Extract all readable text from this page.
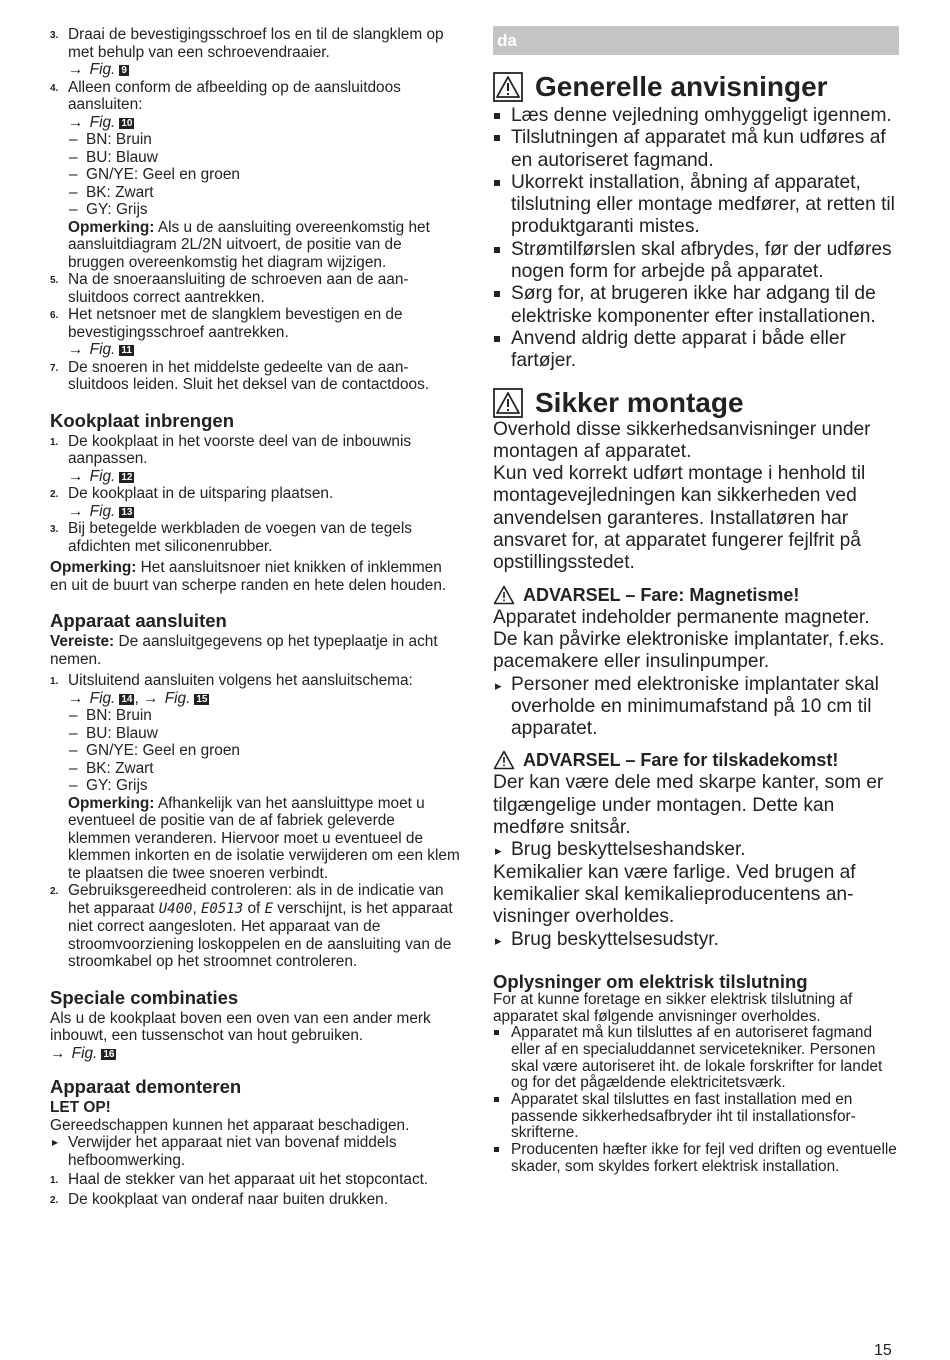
3. Draai de bevestigingsschroef los en til de slangklem op met behulp van een schroevendraaier.
→ Fig. 9
4. Alleen conform de afbeelding op de aansluitdoos aansluiten:
→ Fig. 10
– BN: Bruin
– BU: Blauw
– GN/YE: Geel en groen
– BK: Zwart
– GY: Grijs

Opmerking: Als u de aansluiting overeenkomstig het aansluitdiagram 2L/2N uitvoert, de positie van de bruggen overeenkomstig het diagram wijzigen.

5. Na de snoeraansluiting de schroeven aan de aansluitdoos correct aantrekken.
6. Het netsnoer met de slangklem bevestigen en de bevestigingsschroef aantrekken.
→ Fig. 11
7. De snoeren in het middelste gedeelte van de aansluitdoos leiden. Sluit het deksel van de contactdoos.
Kookplaat inbrengen
1. De kookplaat in het voorste deel van de inbouwnis aanpassen.
→ Fig. 12
2. De kookplaat in de uitsparing plaatsen.
→ Fig. 13
3. Bij betegelde werkbladen de voegen van de tegels afdichten met siliconenrubber.

Opmerking: Het aansluitsnoer niet knikken of inklemmen en uit de buurt van scherpe randen en hete delen houden.

Apparaat aansluiten

Vereiste: De aansluitgegevens op het typeplaatje in acht nemen.

1. Uitsluitend aansluiten volgens het aansluitschema:
→ Fig. 14 , → Fig. 15
– BN: Bruin
– BU: Blauw
– GN/YE: Geel en groen
– BK: Zwart
– GY: Grijs

Opmerking: Afhankelijk van het aansluittype moet u eventueel de positie van de af fabriek geleverde klemmen veranderen. Hiervoor moet u eventueel de klemmen inkorten en de isolatie verwijderen om een klem te plaatsen die twee snoeren verbindt.

2. Gebruiksgereedheid controleren: als in de indicatie van het apparaat U400, E0513 of E verschijnt, is het apparaat niet correct aangesloten. Het apparaat van de stroomvoorziening loskoppelen en de aansluiting van de stroomkabel op het stroomnet controleren.
Speciale combinaties

Als u de kookplaat boven een oven van een ander merk inbouwt, een tussenschot van hout gebruiken.
→ Fig. 16

Apparaat demonteren

LET OP!

Gereedschappen kunnen het apparaat beschadigen.

▸ Verwijder het apparaat niet van bovenaf middels hefboomwerking.
1. Haal de stekker van het apparaat uit het stopcontact.
2. De kookplaat van onderaf naar buiten drukken.
da
Generelle anvisninger
Læs denne vejledning omhyggeligt igennem.
Tilslutningen af apparatet må kun udføres af en autoriseret fagmand.
Ukorrekt installation, åbning af apparatet, tilslutning eller montage medfører, at retten til produktgaranti mistes.
Strømtilførslen skal afbrydes, før der udføres nogen form for arbejde på apparatet.
Sørg for, at brugeren ikke har adgang til de elektriske komponenter efter installationen.
Anvend aldrig dette apparat i både eller fartøjer.
Sikker montage

Overhold disse sikkerhedsanvisninger under montagen af apparatet.

Kun ved korrekt udført montage i henhold til montagevejledningen kan sikkerheden ved anvendelsen garanteres. Installatøren har ansvaret for, at apparatet fungerer fejlfrit på opstillingsstedet.

ADVARSEL – Fare: Magnetisme!

Apparatet indeholder permanente magneter. De kan påvirke elektroniske implantater, f.eks. pacemakere eller insulinpumper.

▸ Personer med elektroniske implantater skal overholde en minimumafstand på 10 cm til apparatet.
ADVARSEL – Fare for tilskadekomst!

Der kan være dele med skarpe kanter, som er tilgængelige under montagen. Dette kan medføre snitsår.

▸ Brug beskyttelseshandsker.

Kemikalier kan være farlige. Ved brugen af kemikalier skal kemikalieproducentens anvisninger overholdes.

▸ Brug beskyttelsesudstyr.
Oplysninger om elektrisk tilslutning

For at kunne foretage en sikker elektrisk tilslutning af apparatet skal følgende anvisninger overholdes.

Apparatet må kun tilsluttes af en autoriseret fagmand eller af en specialuddannet servicetekniker. Personen skal være autoriseret iht. de lokale forskrifter for landet og for det pågældende elektricitetsværk.
Apparatet skal tilsluttes en fast installation med en passende sikkerhedsafbryder iht til installationsforskrifterne.
Producenten hæfter ikke for fejl ved driften og eventuelle skader, som skyldes forkert elektrisk installation.
15
